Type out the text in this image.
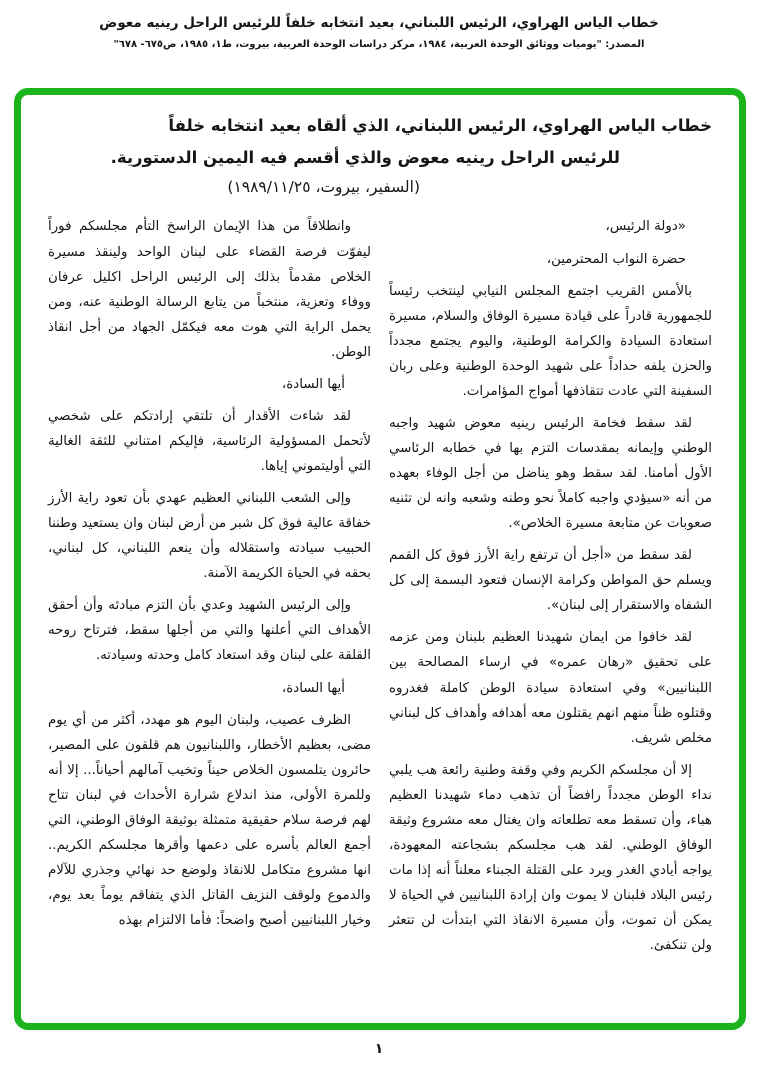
خطاب الياس الهراوي، الرئيس اللبناني، بعيد انتخابه خلفاً للرئيس الراحل رينيه معوض
المصدر: "يوميات ووثائق الوحدة العربية، ١٩٨٤، مركز دراسات الوحدة العربية، بيروت، ط١، ١٩٨٥، ص٦٧٥- ٦٧٨"
خطاب الياس الهراوي، الرئيس اللبناني، الذي ألقاه بعيد انتخابه خلفاً
للرئيس الراحل رينيه معوض والذي أقسم فيه اليمين الدستورية.
(السفير، بيروت، ٢٥‏/‏١١‏/‏١٩٨٩)

«دولة الرئيس،

حضرة النواب المحترمين،

بالأمس القريب اجتمع المجلس النيابي لينتخب رئيساً للجمهورية قادراً على قيادة مسيرة الوفاق والسلام، مسيرة استعادة السيادة والكرامة الوطنية، واليوم يجتمع مجدداً والحزن يلفه حداداً على شهيد الوحدة الوطنية وعلى ربان السفينة التي عادت تتقاذفها أمواج المؤامرات.

لقد سقط فخامة الرئيس رينيه معوض شهيد واجبه الوطني وإيمانه بمقدسات التزم بها في خطابه الرئاسي الأول أمامنا. لقد سقط وهو يناضل من أجل الوفاء بعهده من أنه «سيؤدي واجبه كاملاً نحو وطنه وشعبه وانه لن تثنيه صعوبات عن متابعة مسيرة الخلاص».

لقد سقط من «أجل أن ترتفع راية الأرز فوق كل القمم ويسلم حق المواطن وكرامة الإنسان فتعود البسمة إلى كل الشفاه والاستقرار إلى لبنان».

لقد خافوا من ايمان شهيدنا العظيم بلبنان ومن عزمه على تحقيق «رهان عمره» في ارساء المصالحة بين اللبنانيين» وفي استعادة سيادة الوطن كاملة فغدروه وقتلوه ظناً منهم انهم يقتلون معه أهدافه وأهداف كل لبناني مخلص شريف.

إلا أن مجلسكم الكريم وفي وقفة وطنية رائعة هب يلبي نداء الوطن مجدداً رافضاً أن تذهب دماء شهيدنا العظيم هباء، وأن تسقط معه تطلعاته وان يغتال معه مشروع وثيقة الوفاق الوطني. لقد هب مجلسكم بشجاعته المعهودة، يواجه أيادي الغدر ويرد على القتلة الجبناء معلناً أنه إذا مات رئيس البلاد فلبنان لا يموت وان إرادة اللبنانيين في الحياة لا يمكن أن تموت، وأن مسيرة الانقاذ التي ابتدأت لن تتعثر ولن تنكفئ.

وانطلاقاً من هذا الإيمان الراسخ التأم مجلسكم فوراً ليفوّت فرصة القضاء على لبنان الواحد ولينقذ مسيرة الخلاص مقدماً بذلك إلى الرئيس الراحل اكليل عرفان ووفاء وتعزية، منتخباً من يتابع الرسالة الوطنية عنه، ومن يحمل الراية التي هوت معه فيكمّل الجهاد من أجل انقاذ الوطن.

أيها السادة،

لقد شاءت الأقدار أن تلتقي إرادتكم على شخصي لأتحمل المسؤولية الرئاسية، فإليكم امتناني للثقة الغالية التي أوليتموني إياها.

وإلى الشعب اللبناني العظيم عهدي بأن تعود راية الأرز خفاقة عالية فوق كل شبر من أرض لبنان وان يستعيد وطننا الحبيب سيادته واستقلاله وأن ينعم اللبناني، كل لبناني، بحقه في الحياة الكريمة الآمنة.

وإلى الرئيس الشهيد وعدي بأن التزم مبادئه وأن أحقق الأهداف التي أعلنها والتي من أجلها سقط، فترتاح روحه القلقة على لبنان وقد استعاد كامل وحدته وسيادته.

أيها السادة،

الظرف عصيب، ولبنان اليوم هو مهدد، أكثر من أي يوم مضى، بعظيم الأخطار، واللبنانيون هم قلقون على المصير، حائرون يتلمسون الخلاص حيناً وتخيب آمالهم أحياناً... إلا أنه وللمرة الأولى، منذ اندلاع شرارة الأحداث في لبنان تتاح لهم فرصة سلام حقيقية متمثلة بوثيقة الوفاق الوطني، التي أجمع العالم بأسره على دعمها وأقرها مجلسكم الكريم.. انها مشروع متكامل للانقاذ ولوضع حد نهائي وجذري للآلام والدموع ولوقف النزيف القاتل الذي يتفاقم يوماً بعد يوم، وخيار اللبنانيين أصبح واضحاً: فأما الالتزام بهذه

١
